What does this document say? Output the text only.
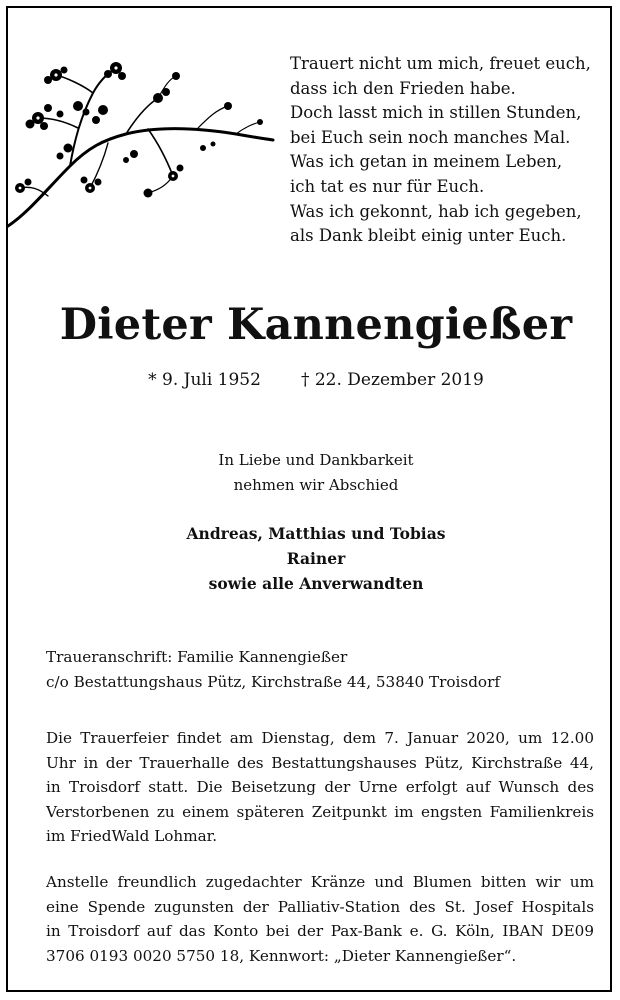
Trauert nicht um mich, freuet euch,
dass ich den Frieden habe.
Doch lasst mich in stillen Stunden,
bei Euch sein noch manches Mal.
Was ich getan in meinem Leben,
ich tat es nur für Euch.
Was ich gekonnt, hab ich gegeben,
als Dank bleibt einig unter Euch.
Dieter Kannengießer
* 9. Juli 1952 † 22. Dezember 2019
In Liebe und Dankbarkeit
nehmen wir Abschied
Andreas, Matthias und Tobias
Rainer
sowie alle Anverwandten
Traueranschrift: Familie Kannengießer
c/o Bestattungshaus Pütz, Kirchstraße 44, 53840 Troisdorf
Die Trauerfeier findet am Dienstag, dem 7. Januar 2020, um 12.00
Uhr in der Trauerhalle des Bestattungshauses Pütz, Kirchstraße 44,
in Troisdorf statt. Die Beisetzung der Urne erfolgt auf Wunsch des
Verstorbenen zu einem späteren Zeitpunkt im engsten Familienkreis
im FriedWald Lohmar.
Anstelle freundlich zugedachter Kränze und Blumen bitten wir um
eine Spende zugunsten der Palliativ-Station des St. Josef Hospitals
in Troisdorf auf das Konto bei der Pax-Bank e. G. Köln, IBAN DE09
3706 0193 0020 5750 18, Kennwort: „Dieter Kannengießer“.
